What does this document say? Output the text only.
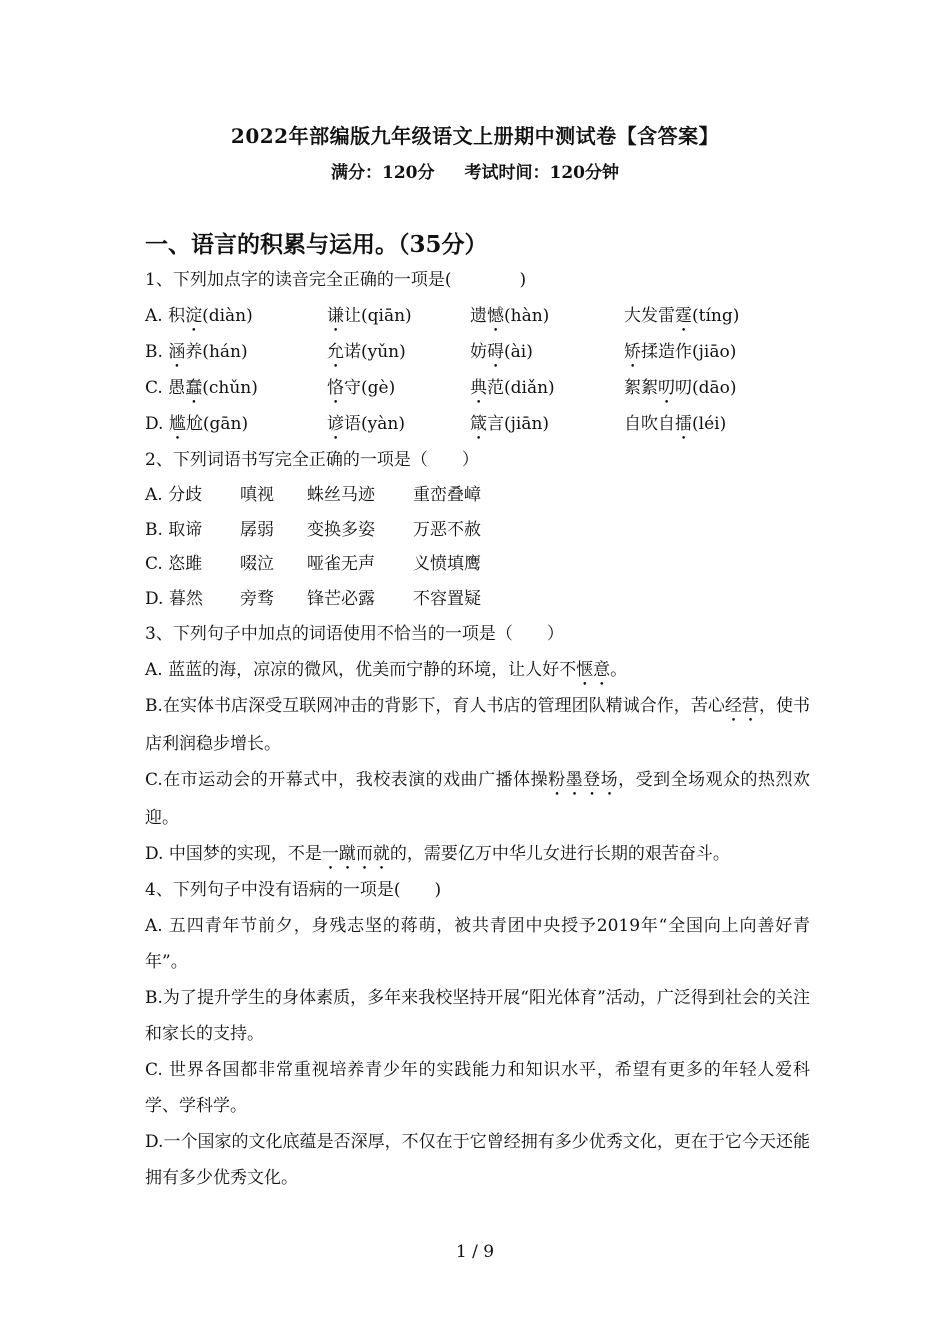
2022年部编版九年级语文上册期中测试卷【含答案】
满分：120分 考试时间：120分钟
一、语言的积累与运用。（35分）
1、下列加点字的读音完全正确的一项是(　　　　)
A. 积淀(diàn)	谦让(qiān)	遗憾(hàn)	大发雷霆(tíng)
B. 涵养(hán)	允诺(yǔn)	妨碍(ài)	矫揉造作(jiāo)
C. 愚蠢(chǔn)	恪守(gè)	典范(diǎn)	絮絮叨叨(dāo)
D. 尴尬(gān)	谚语(yàn)	箴言(jiān)	自吹自擂(léi)
2、下列词语书写完全正确的一项是（　　）
A. 分歧	嗔视	蛛丝马迹	重峦叠嶂
B. 取谛	孱弱	变换多姿	万恶不赦
C. 恣雎	啜泣	哑雀无声	义愤填鹰
D. 暮然	旁骛	锋芒必露	不容置疑
3、下列句子中加点的词语使用不恰当的一项是（　　）
A. 蓝蓝的海，凉凉的微风，优美而宁静的环境，让人好不惬意。
B.在实体书店深受互联网冲击的背影下，育人书店的管理团队精诚合作，苦心经营，使书店利润稳步增长。
C.在市运动会的开幕式中，我校表演的戏曲广播体操粉墨登场，受到全场观众的热烈欢迎。
D. 中国梦的实现，不是一蹴而就的，需要亿万中华儿女进行长期的艰苦奋斗。
4、下列句子中没有语病的一项是(　　)
A. 五四青年节前夕，身残志坚的蒋萌，被共青团中央授予2019年“全国向上向善好青年”。
B.为了提升学生的身体素质，多年来我校坚持开展“阳光体育”活动，广泛得到社会的关注和家长的支持。
C. 世界各国都非常重视培养青少年的实践能力和知识水平，希望有更多的年轻人爱科学、学科学。
D.一个国家的文化底蕴是否深厚，不仅在于它曾经拥有多少优秀文化，更在于它今天还能拥有多少优秀文化。
1 / 9
